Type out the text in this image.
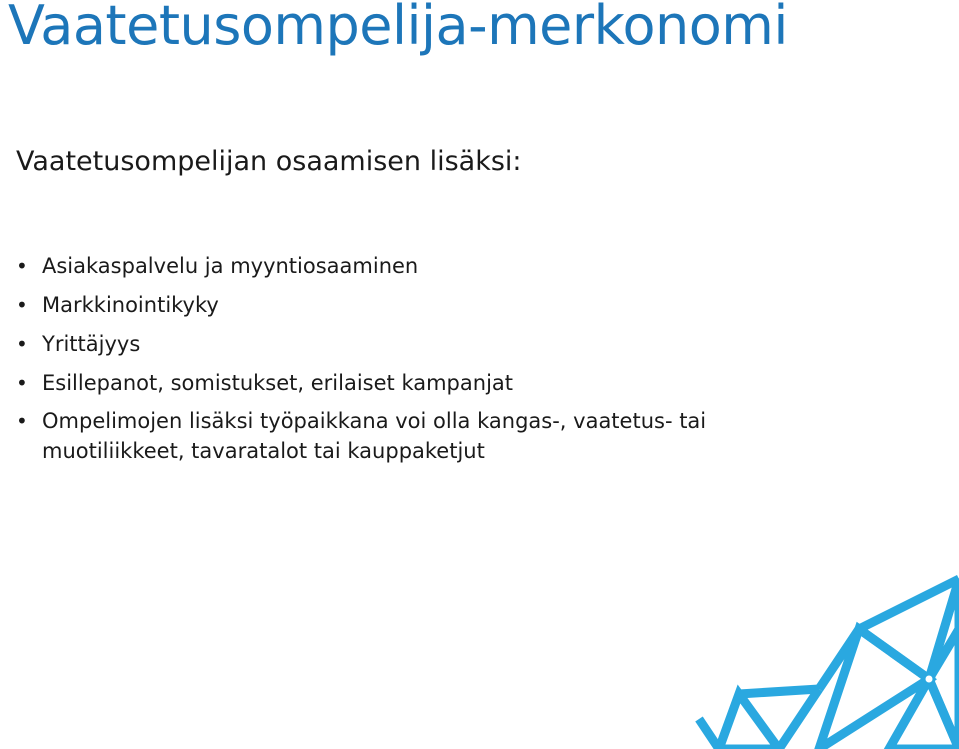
Vaatetusompelija-merkonomi
Vaatetusompelijan osaamisen lisäksi:
• Asiakaspalvelu ja myyntiosaaminen
• Markkinointikyky
• Yrittäjyys
• Esillepanot, somistukset, erilaiset kampanjat
• Ompelimojen lisäksi työpaikkana voi olla kangas-, vaatetus- tai muotiliikkeet, tavaratalot tai kauppaketjut
